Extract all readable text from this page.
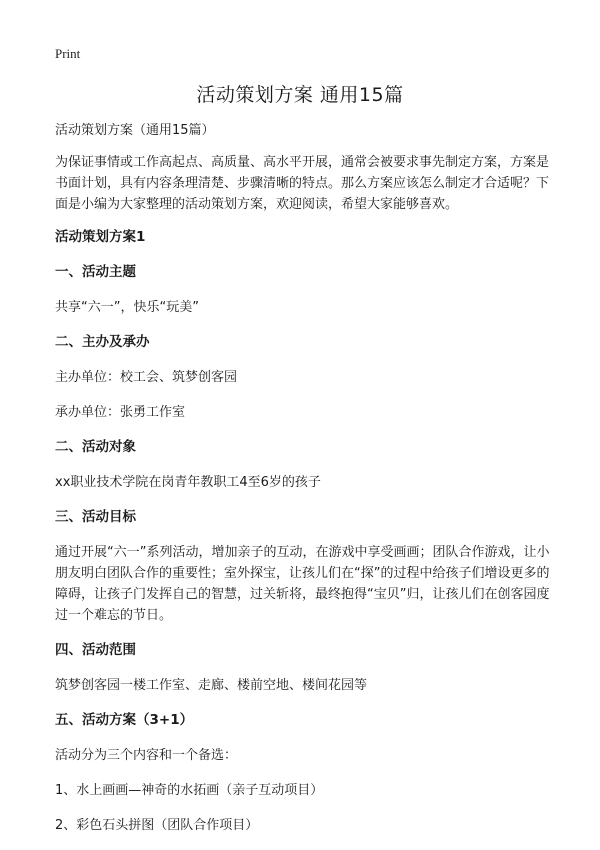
Print
活动策划方案 通用15篇

活动策划方案（通用15篇）

为保证事情或工作高起点、高质量、高水平开展，通常会被要求事先制定方案，方案是书面计划，具有内容条理清楚、步骤清晰的特点。那么方案应该怎么制定才合适呢？下面是小编为大家整理的活动策划方案，欢迎阅读，希望大家能够喜欢。

活动策划方案1

一、活动主题

共享“六一”，快乐“玩美”

二、主办及承办

主办单位：校工会、筑梦创客园

承办单位：张勇工作室

二、活动对象

xx职业技术学院在岗青年教职工4至6岁的孩子

三、活动目标

通过开展“六一”系列活动，增加亲子的互动，在游戏中享受画画；团队合作游戏，让小朋友明白团队合作的重要性；室外探宝，让孩儿们在“探”的过程中给孩子们增设更多的障碍，让孩子门发挥自己的智慧，过关斩将，最终抱得“宝贝”归，让孩儿们在创客园度过一个难忘的节日。

四、活动范围

筑梦创客园一楼工作室、走廊、楼前空地、楼间花园等

五、活动方案（3+1）

活动分为三个内容和一个备选：

1、水上画画—神奇的水拓画（亲子互动项目）

2、彩色石头拼图（团队合作项目）
